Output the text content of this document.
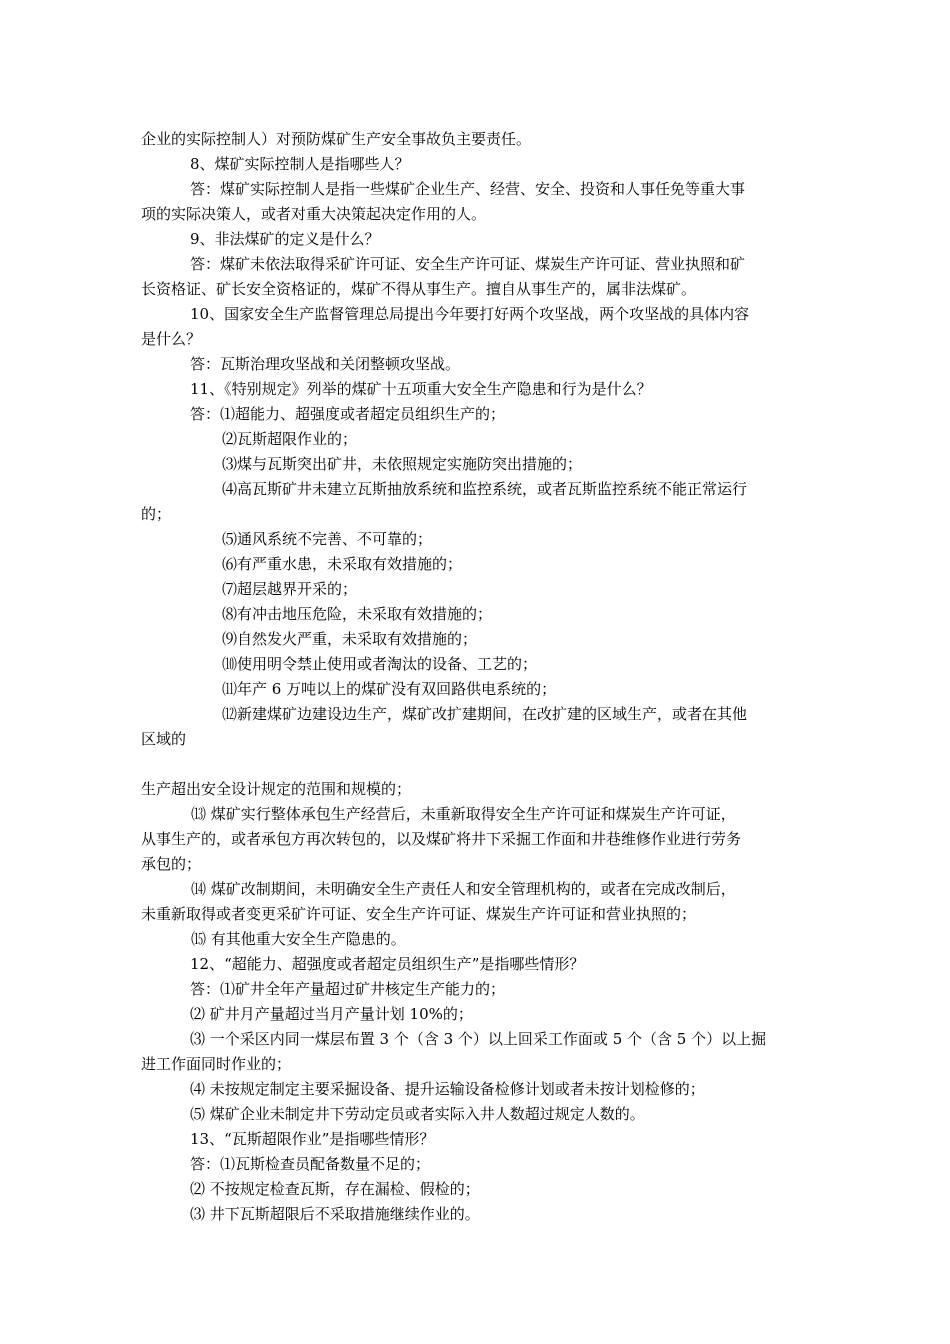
企业的实际控制人）对预防煤矿生产安全事故负主要责任。
8、煤矿实际控制人是指哪些人？
答：煤矿实际控制人是指一些煤矿企业生产、经营、安全、投资和人事任免等重大事
项的实际决策人，或者对重大决策起决定作用的人。
9、非法煤矿的定义是什么？
答：煤矿未依法取得采矿许可证、安全生产许可证、煤炭生产许可证、营业执照和矿
长资格证、矿长安全资格证的，煤矿不得从事生产。擅自从事生产的，属非法煤矿。
10、国家安全生产监督管理总局提出今年要打好两个攻坚战，两个攻坚战的具体内容
是什么？
答：瓦斯治理攻坚战和关闭整顿攻坚战。
11、《特别规定》列举的煤矿十五项重大安全生产隐患和行为是什么？
答：⑴超能力、超强度或者超定员组织生产的；
⑵瓦斯超限作业的；
⑶煤与瓦斯突出矿井，未依照规定实施防突出措施的；
⑷高瓦斯矿井未建立瓦斯抽放系统和监控系统，或者瓦斯监控系统不能正常运行
的；
⑸通风系统不完善、不可靠的；
⑹有严重水患，未采取有效措施的；
⑺超层越界开采的；
⑻有冲击地压危险，未采取有效措施的；
⑼自然发火严重，未采取有效措施的；
⑽使用明令禁止使用或者淘汰的设备、工艺的；
⑾年产 6 万吨以上的煤矿没有双回路供电系统的；
⑿新建煤矿边建设边生产，煤矿改扩建期间，在改扩建的区域生产，或者在其他
区域的
生产超出安全设计规定的范围和规模的；
⒀ 煤矿实行整体承包生产经营后，未重新取得安全生产许可证和煤炭生产许可证，
从事生产的，或者承包方再次转包的，以及煤矿将井下采掘工作面和井巷维修作业进行劳务
承包的；
⒁ 煤矿改制期间，未明确安全生产责任人和安全管理机构的，或者在完成改制后，
未重新取得或者变更采矿许可证、安全生产许可证、煤炭生产许可证和营业执照的；
⒂ 有其他重大安全生产隐患的。
12、“超能力、超强度或者超定员组织生产”是指哪些情形？
答：⑴矿井全年产量超过矿井核定生产能力的；
⑵ 矿井月产量超过当月产量计划 10%的；
⑶ 一个采区内同一煤层布置 3 个（含 3 个）以上回采工作面或 5 个（含 5 个）以上掘
进工作面同时作业的；
⑷ 未按规定制定主要采掘设备、提升运输设备检修计划或者未按计划检修的；
⑸ 煤矿企业未制定井下劳动定员或者实际入井人数超过规定人数的。
13、“瓦斯超限作业”是指哪些情形？
答：⑴瓦斯检查员配备数量不足的；
⑵ 不按规定检查瓦斯，存在漏检、假检的；
⑶ 井下瓦斯超限后不采取措施继续作业的。
